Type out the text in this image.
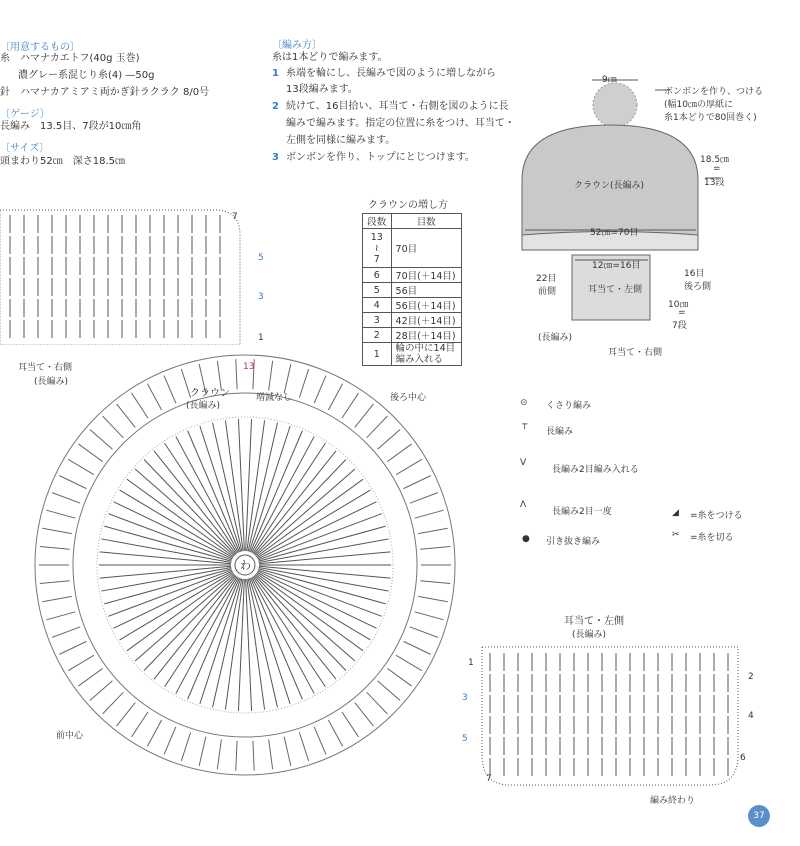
〔用意するもの〕
糸　ハマナカエトフ(40g 玉巻)
濃グレー系混じり糸(4) —50g
針　ハマナカアミアミ両かぎ針ラクラク 8/0号
〔ゲージ〕
長編み　13.5目、7段が10㎝角
〔サイズ〕
頭まわり52㎝　深さ18.5㎝
〔編み方〕
糸は1本どりで編みます。
1 糸端を輪にし、長編みで図のように増しながら
13段編みます。
2 続けて、16目拾い、耳当て・右側を図のように長
編みで編みます。指定の位置に糸をつけ、耳当て・
左側を同様に編みます。
3 ボンボンを作り、トップにとじつけます。
クラウンの増し方
段数	目数
13
≀
7	70目
6	70目(＋14目)
5	56目
4	56目(＋14目)
3	42目(＋14目)
2	28目(＋14目)
1	輪の中に14目
編み入れる
9㎝
ボンボンを作り、つける
(幅10㎝の厚紙に
糸1本どりで80回巻く)
クラウン(長編み)
18.5㎝
=
13段
52㎝=70目
12㎝=16目
22目
前側
16目
後ろ側
耳当て・左側
10㎝
=
7段
(長編み)
耳当て・右側
⊝ くさり編み
┬
長編み
V
長編み2目編み入れる
Λ
長編み2目一度
● 引き抜き編み
◢ =糸をつける
✂ =糸を切る
7
5
3
1
耳当て・右側
(長編み)
わ
クラウン
(長編み)
増減なし	後ろ中心
前中心
13
耳当て・左側
(長編み)
1
3
5
7
2
4
6
編み終わり
37
